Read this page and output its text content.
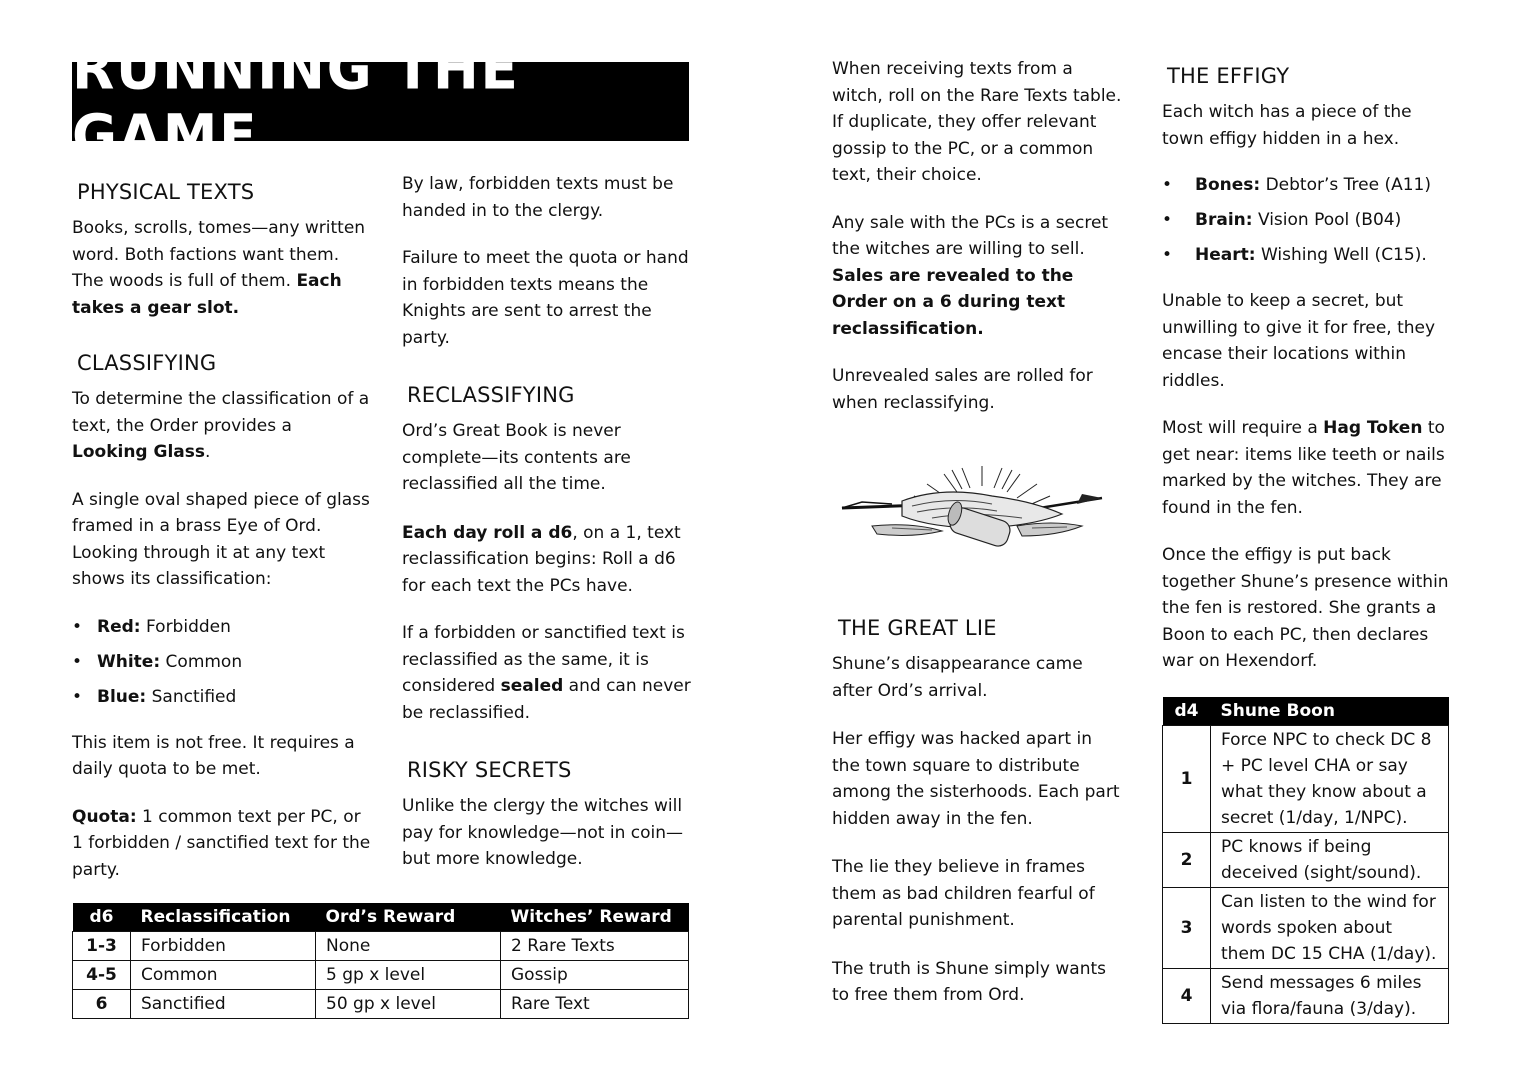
RUNNING THE GAME
PHYSICAL TEXTS

Books, scrolls, tomes—any written word. Both factions want them. The woods is full of them. Each takes a gear slot.

CLASSIFYING

To determine the classification of a text, the Order provides a Looking Glass.

A single oval shaped piece of glass framed in a brass Eye of Ord. Looking through it at any text shows its classification:

• Red: Forbidden
• White: Common
• Blue: Sanctified

This item is not free. It requires a daily quota to be met.

Quota: 1 common text per PC, or 1 forbidden / sanctified text for the party.

By law, forbidden texts must be handed in to the clergy.

Failure to meet the quota or hand in forbidden texts means the Knights are sent to arrest the party.

RECLASSIFYING

Ord’s Great Book is never complete—its contents are reclassified all the time.

Each day roll a d6, on a 1, text reclassification begins: Roll a d6 for each text the PCs have.

If a forbidden or sanctified text is reclassified as the same, it is considered sealed and can never be reclassified.

RISKY SECRETS

Unlike the clergy the witches will pay for knowledge—not in coin—but more knowledge.

d6	Reclassification	Ord’s Reward	Witches’ Reward
1-3	Forbidden	None	2 Rare Texts
4-5	Common	5 gp x level	Gossip
6	Sanctified	50 gp x level	Rare Text

When receiving texts from a witch, roll on the Rare Texts table. If duplicate, they offer relevant gossip to the PC, or a common text, their choice.

Any sale with the PCs is a secret the witches are willing to sell. Sales are revealed to the Order on a 6 during text reclassification.

Unrevealed sales are rolled for when reclassifying.

THE GREAT LIE

Shune’s disappearance came after Ord’s arrival.

Her effigy was hacked apart in the town square to distribute among the sisterhoods. Each part hidden away in the fen.

The lie they believe in frames them as bad children fearful of parental punishment.

The truth is Shune simply wants to free them from Ord.

THE EFFIGY

Each witch has a piece of the town effigy hidden in a hex.

• Bones: Debtor’s Tree (A11)
• Brain: Vision Pool (B04)
• Heart: Wishing Well (C15).

Unable to keep a secret, but unwilling to give it for free, they encase their locations within riddles.

Most will require a Hag Token to get near: items like teeth or nails marked by the witches. They are found in the fen.

Once the effigy is put back together Shune’s presence within the fen is restored. She grants a Boon to each PC, then declares war on Hexendorf.

d4	Shune Boon
1	Force NPC to check DC 8 + PC level CHA or say what they know about a secret (1/day, 1/NPC).
2	PC knows if being deceived (sight/sound).
3	Can listen to the wind for words spoken about them DC 15 CHA (1/day).
4	Send messages 6 miles via flora/fauna (3/day).
